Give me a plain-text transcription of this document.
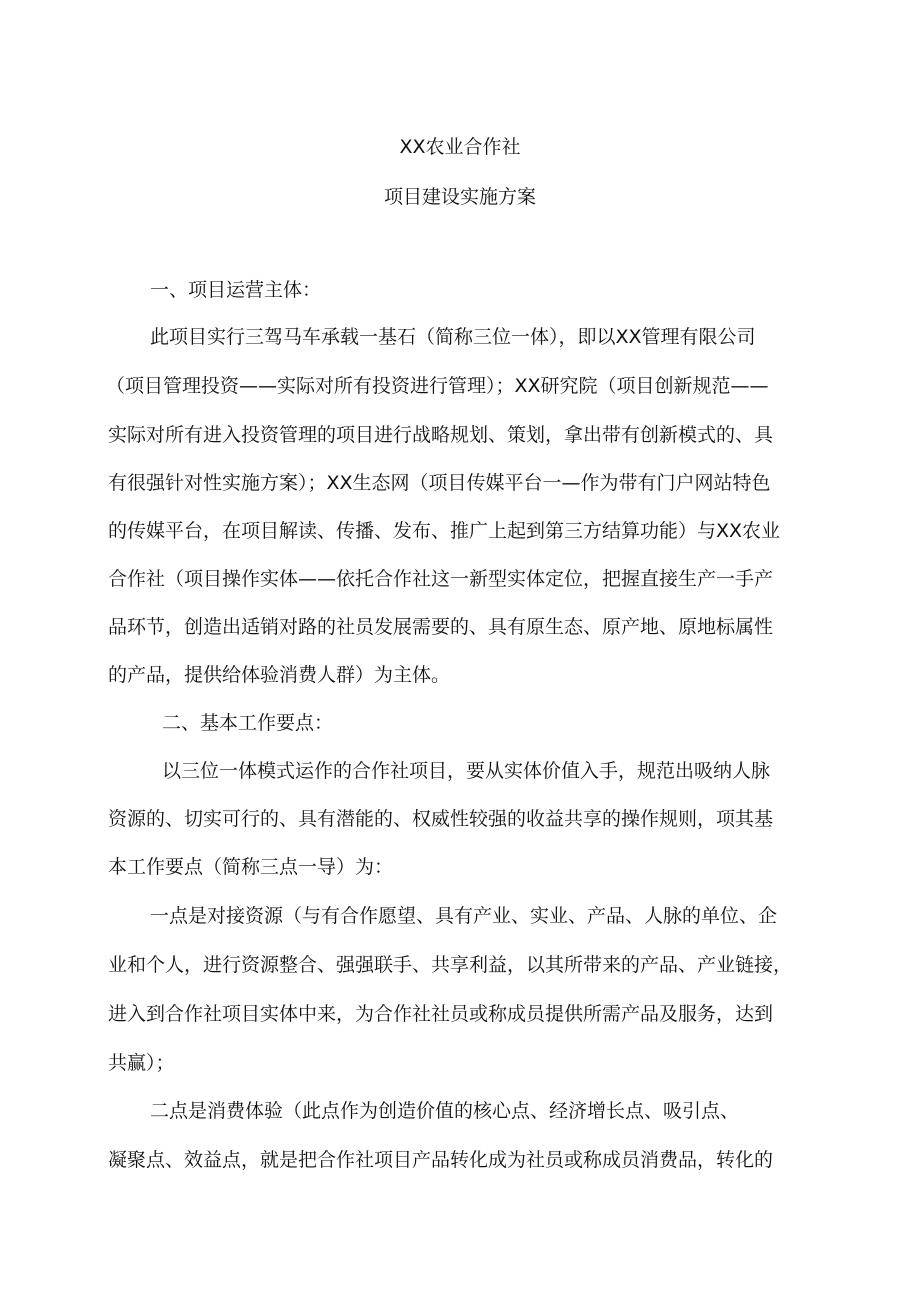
XX农业合作社
项目建设实施方案
一、项目运营主体：
此项目实行三驾马车承载一基石（简称三位一体），即以XX管理有限公司
（项目管理投资——实际对所有投资进行管理）；XX研究院（项目创新规范——
实际对所有进入投资管理的项目进行战略规划、策划，拿出带有创新模式的、具
有很强针对性实施方案）；XX生态网（项目传媒平台一—作为带有门户网站特色
的传媒平台，在项目解读、传播、发布、推广上起到第三方结算功能）与XX农业
合作社（项目操作实体——依托合作社这一新型实体定位，把握直接生产一手产
品环节，创造出适销对路的社员发展需要的、具有原生态、原产地、原地标属性
的产品，提供给体验消费人群）为主体。
二、基本工作要点：
以三位一体模式运作的合作社项目，要从实体价值入手，规范出吸纳人脉
资源的、切实可行的、具有潜能的、权威性较强的收益共享的操作规则，项其基
本工作要点（简称三点一导）为：
一点是对接资源（与有合作愿望、具有产业、实业、产品、人脉的单位、企
业和个人，进行资源整合、强强联手、共享利益，以其所带来的产品、产业链接，
进入到合作社项目实体中来，为合作社社员或称成员提供所需产品及服务，达到
共赢）；
二点是消费体验（此点作为创造价值的核心点、经济增长点、吸引点、
凝聚点、效益点，就是把合作社项目产品转化成为社员或称成员消费品，转化的
